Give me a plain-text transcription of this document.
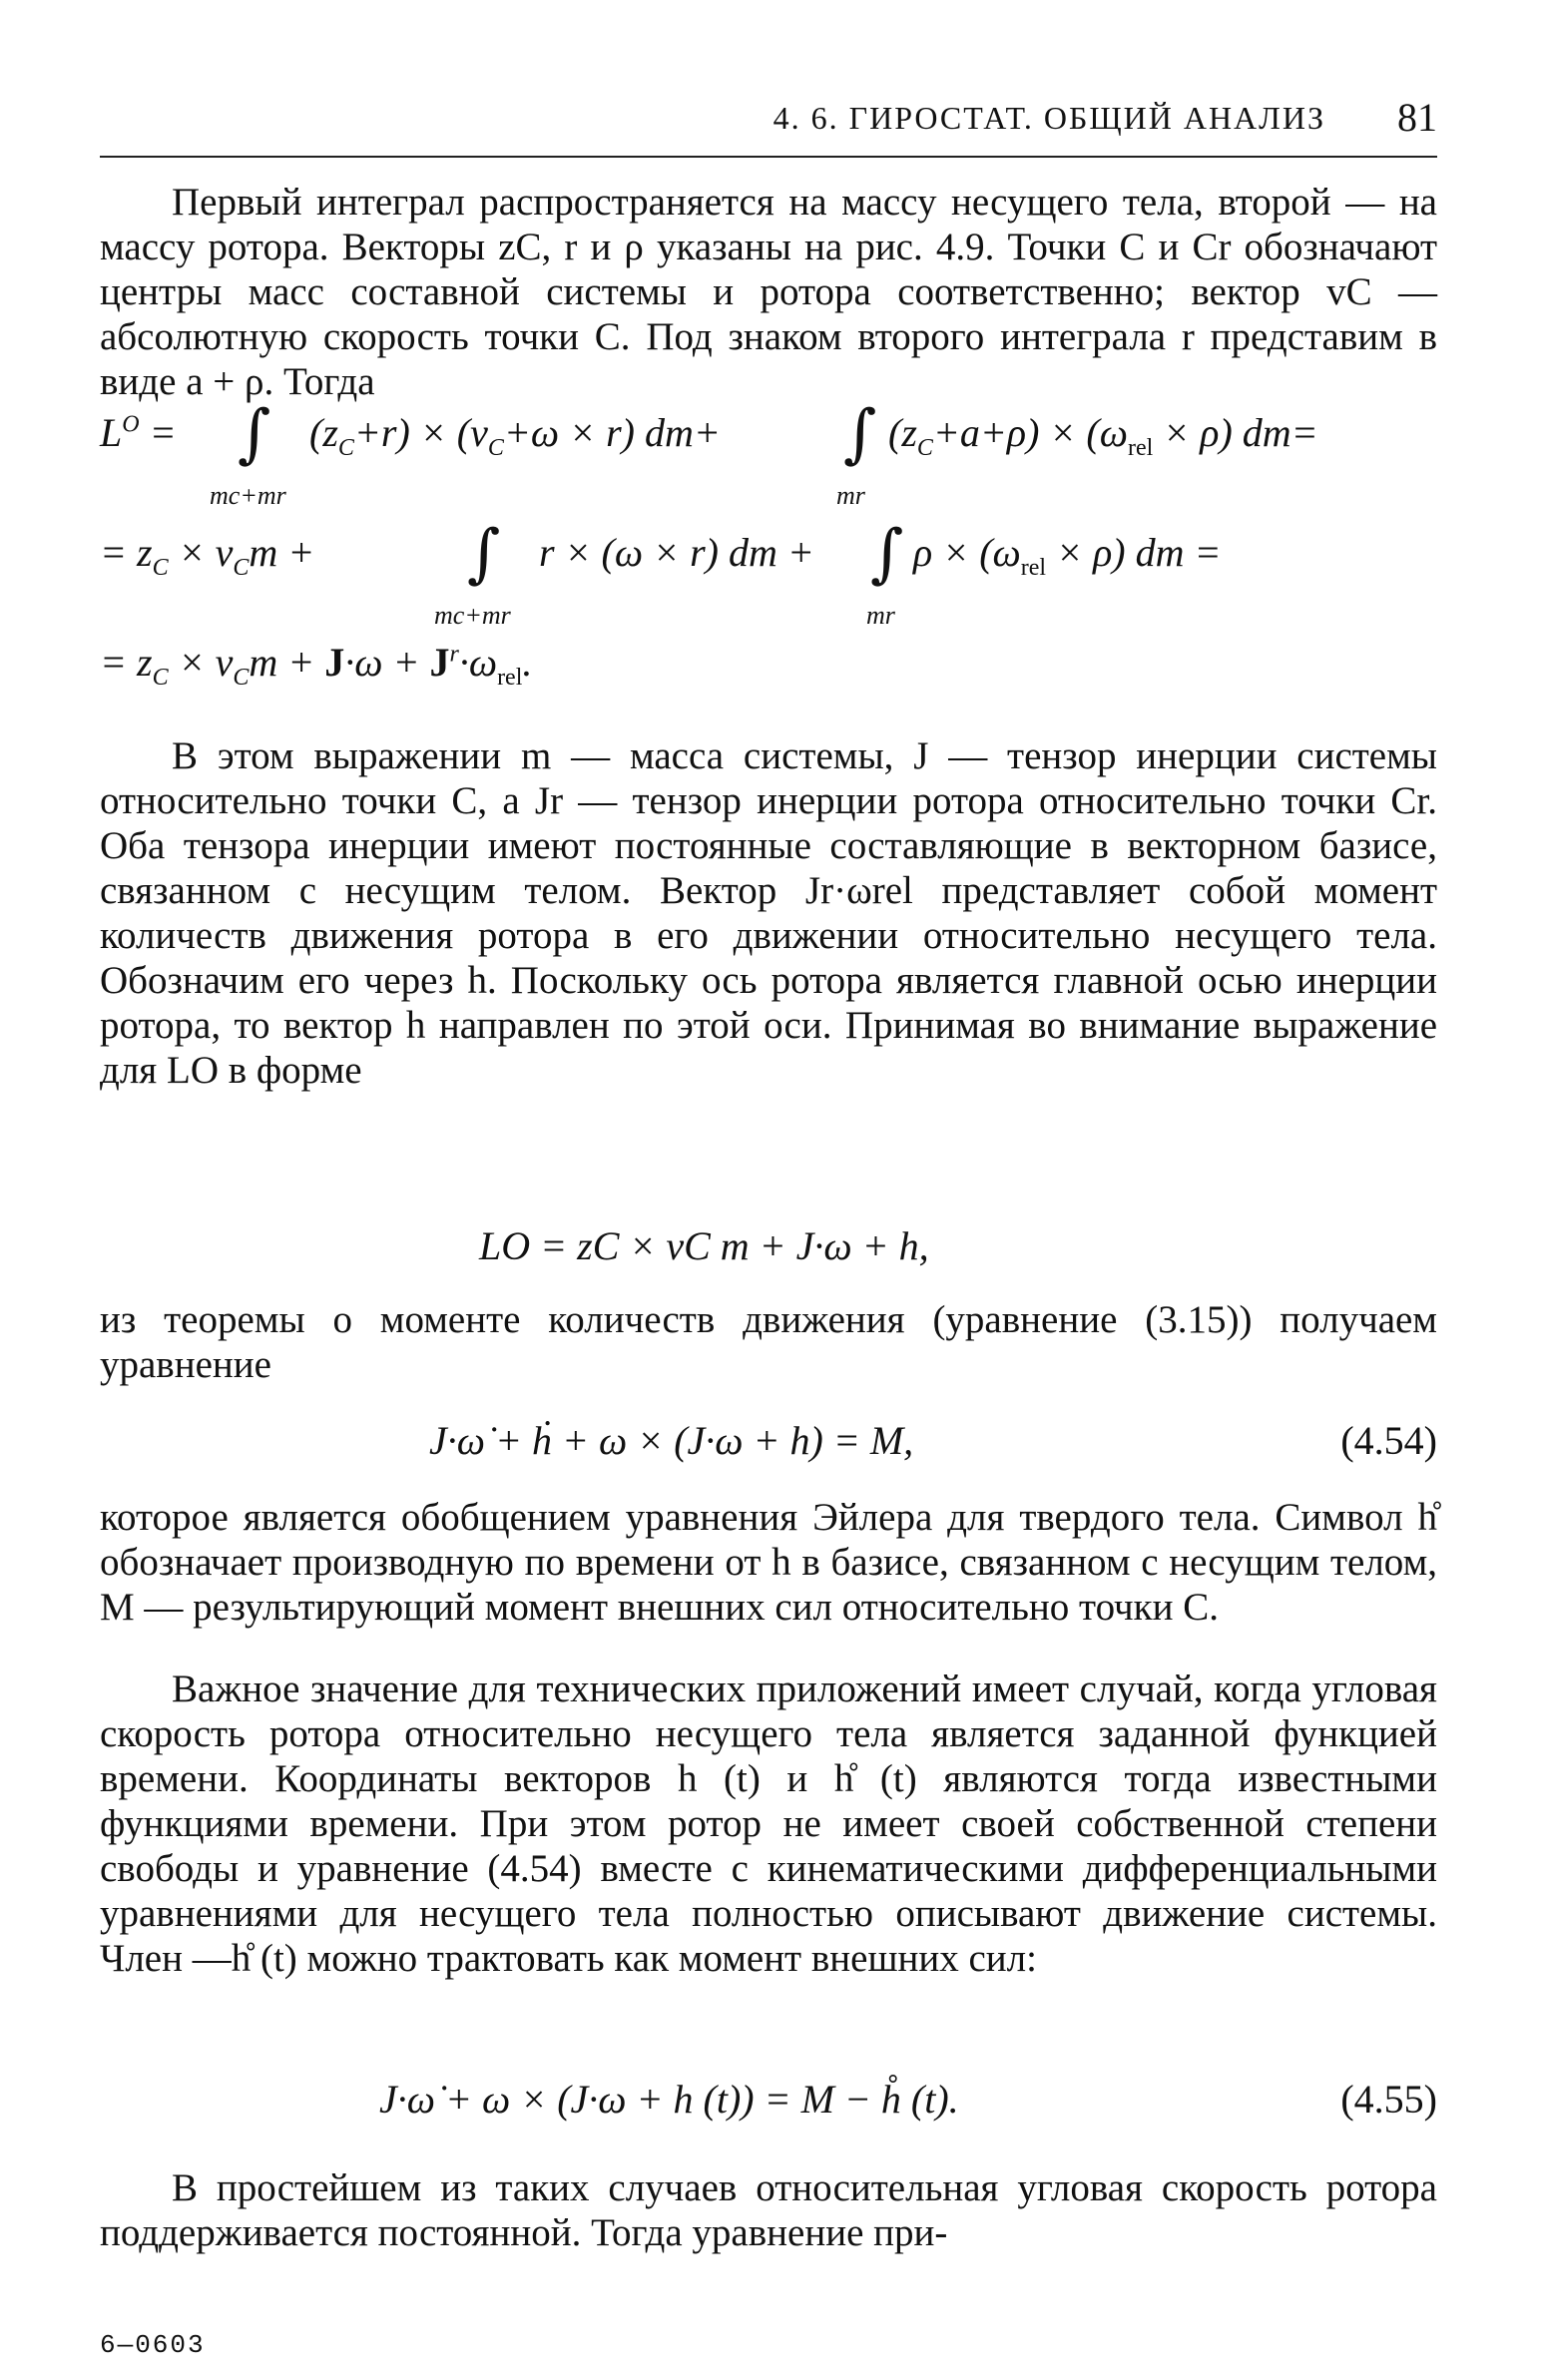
4. 6. ГИРОСТАТ. ОБЩИЙ АНАЛИЗ 81

Первый интеграл распространяется на массу несущего тела, второй — на массу ротора. Векторы zC, r и ρ указаны на рис. 4.9. Точки C и Cr обозначают центры масс составной системы и ротора соответственно; вектор vC — абсолютную скорость точки C. Под знаком второго интеграла r представим в виде a + ρ. Тогда

$L^O$ = ∫
mc+mr
$(z_C+r) \times (v_C+\omega \times r)$ dm+ ∫
mr
$(z_C+a+\rho) \times (\omega_{rel} \times \rho)$ dm=
= $z_C \times v_Cm$ + ∫
mc+mr
r × (ω × r) dm + ∫
mr
$\rho \times (\omega_{rel} \times \rho)$ dm =
= $z_C \times v_Cm + J\cdot\omega + J^r\cdot\omega_{rel}$.

В этом выражении m — масса системы, J — тензор инерции системы относительно точки C, а Jr — тензор инерции ротора относительно точки Cr. Оба тензора инерции имеют постоянные составляющие в векторном базисе, связанном с несущим телом. Вектор Jr·ωrel представляет собой момент количеств движения ротора в его движении относительно несущего тела. Обозначим его через h. Поскольку ось ротора является главной осью инерции ротора, то вектор h направлен по этой оси. Принимая во внимание выражение для LO в форме

LO = zC × vC m + J·ω + h,

из теоремы о моменте количеств движения (уравнение (3.15)) получаем уравнение

J·ω̇ + ḣ + ω × (J·ω + h) = M,	(4.54)

которое является обобщением уравнения Эйлера для твердого тела. Символ h̊ обозначает производную по времени от h в базисе, связанном с несущим телом, M — результирующий момент внешних сил относительно точки C.

Важное значение для технических приложений имеет случай, когда угловая скорость ротора относительно несущего тела является заданной функцией времени. Координаты векторов h (t) и h̊ (t) являются тогда известными функциями времени. При этом ротор не имеет своей собственной степени свободы и уравнение (4.54) вместе с кинематическими дифференциальными уравнениями для несущего тела полностью описывают движение системы. Член —h̊ (t) можно трактовать как момент внешних сил:

J·ω̇ + ω × (J·ω + h (t)) = M − h̊ (t).	(4.55)

В простейшем из таких случаев относительная угловая скорость ротора поддерживается постоянной. Тогда уравнение при-

6—0603
